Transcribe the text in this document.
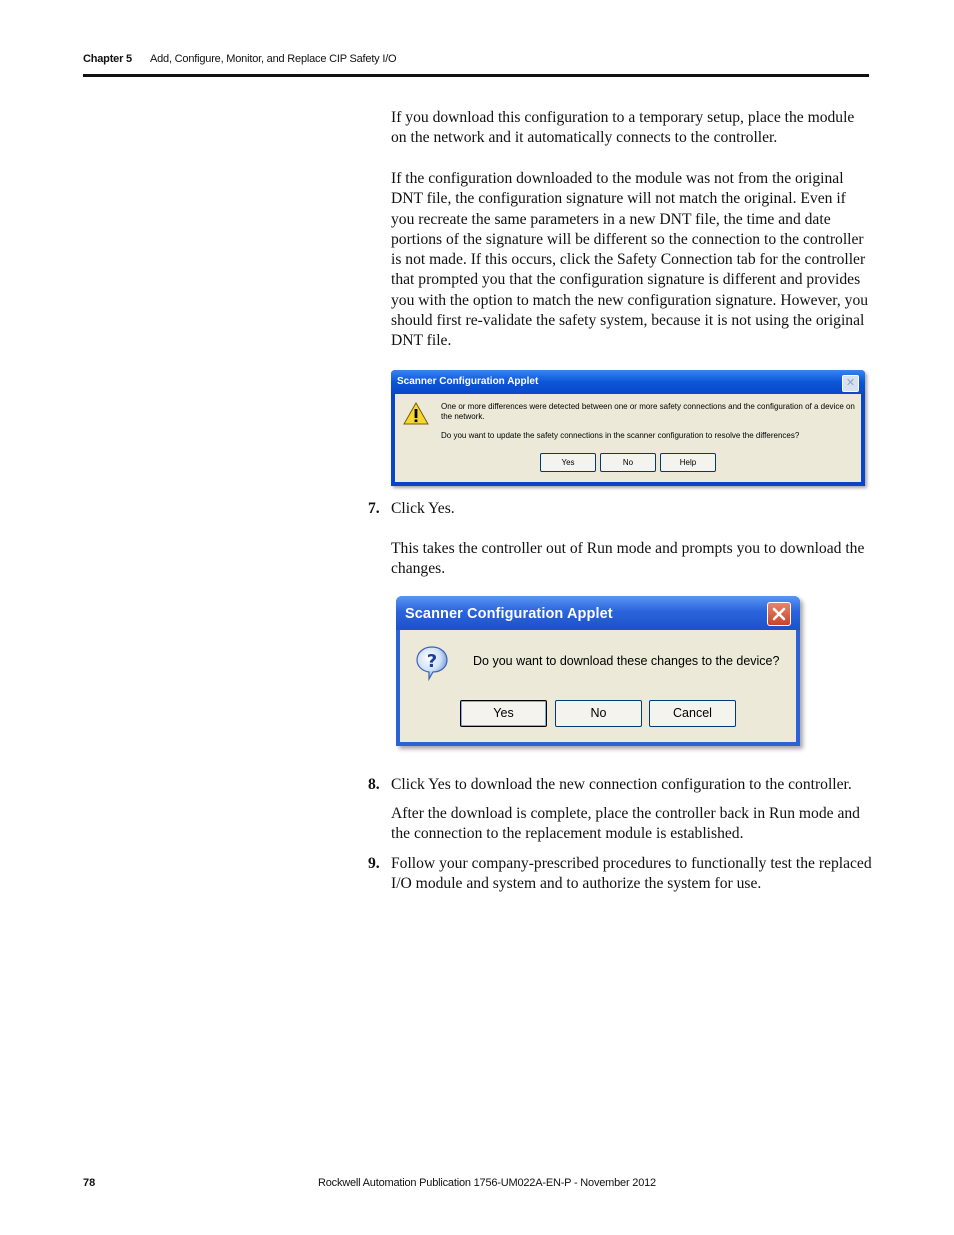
Chapter 5 Add, Configure, Monitor, and Replace CIP Safety I/O
If you download this configuration to a temporary setup, place the module on the network and it automatically connects to the controller.
If the configuration downloaded to the module was not from the original DNT file, the configuration signature will not match the original. Even if you recreate the same parameters in a new DNT file, the time and date portions of the signature will be different so the connection to the controller is not made. If this occurs, click the Safety Connection tab for the controller that prompted you that the configuration signature is different and provides you with the option to match the new configuration signature. However, you should first re-validate the safety system, because it is not using the original DNT file.
Scanner Configuration Applet	✕
One or more differences were detected between one or more safety connections and the configuration of a device on the network.
Do you want to update the safety connections in the scanner configuration to resolve the differences?
Yes	No	Help
7. Click Yes.
This takes the controller out of Run mode and prompts you to download the changes.
Scanner Configuration Applet
?	Do you want to download these changes to the device?
Yes	No	Cancel
8. Click Yes to download the new connection configuration to the controller.
After the download is complete, place the controller back in Run mode and the connection to the replacement module is established.
9. Follow your company-prescribed procedures to functionally test the replaced I/O module and system and to authorize the system for use.
78	Rockwell Automation Publication 1756-UM022A-EN-P - November 2012
